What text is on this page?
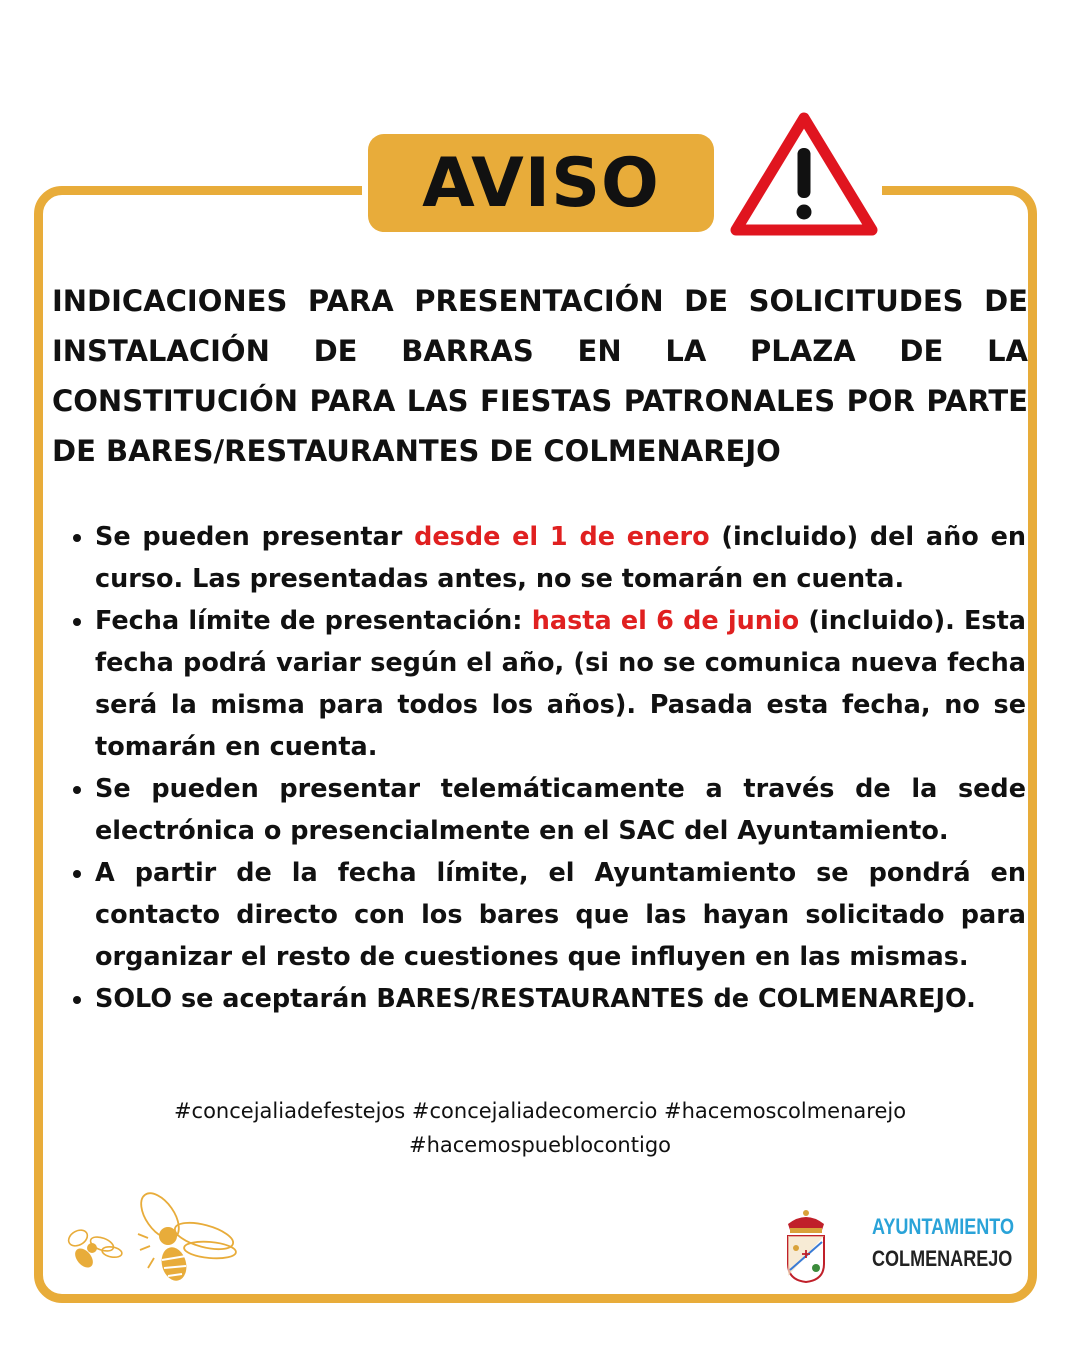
AVISO

INDICACIONES PARA PRESENTACIÓN DE SOLICITUDES DE INSTALACIÓN DE BARRAS EN LA PLAZA DE LA CONSTITUCIÓN PARA LAS FIESTAS PATRONALES POR PARTE DE BARES/RESTAURANTES DE COLMENAREJO

• Se pueden presentar desde el 1 de enero (incluido) del año en curso. Las presentadas antes, no se tomarán en cuenta.
• Fecha límite de presentación: hasta el 6 de junio (incluido). Esta fecha podrá variar según el año, (si no se comunica nueva fecha será la misma para todos los años). Pasada esta fecha, no se tomarán en cuenta.
• Se pueden presentar telemáticamente a través de la sede electrónica o presencialmente en el SAC del Ayuntamiento.
• A partir de la fecha límite, el Ayuntamiento se pondrá en contacto directo con los bares que las hayan solicitado para organizar el resto de cuestiones que influyen en las mismas.
• SOLO se aceptarán BARES/RESTAURANTES de COLMENAREJO.
#concejaliadefestejos #concejaliadecomercio #hacemoscolmenarejo
#hacemospueblocontigo
AYUNTAMIENTO
COLMENAREJO
